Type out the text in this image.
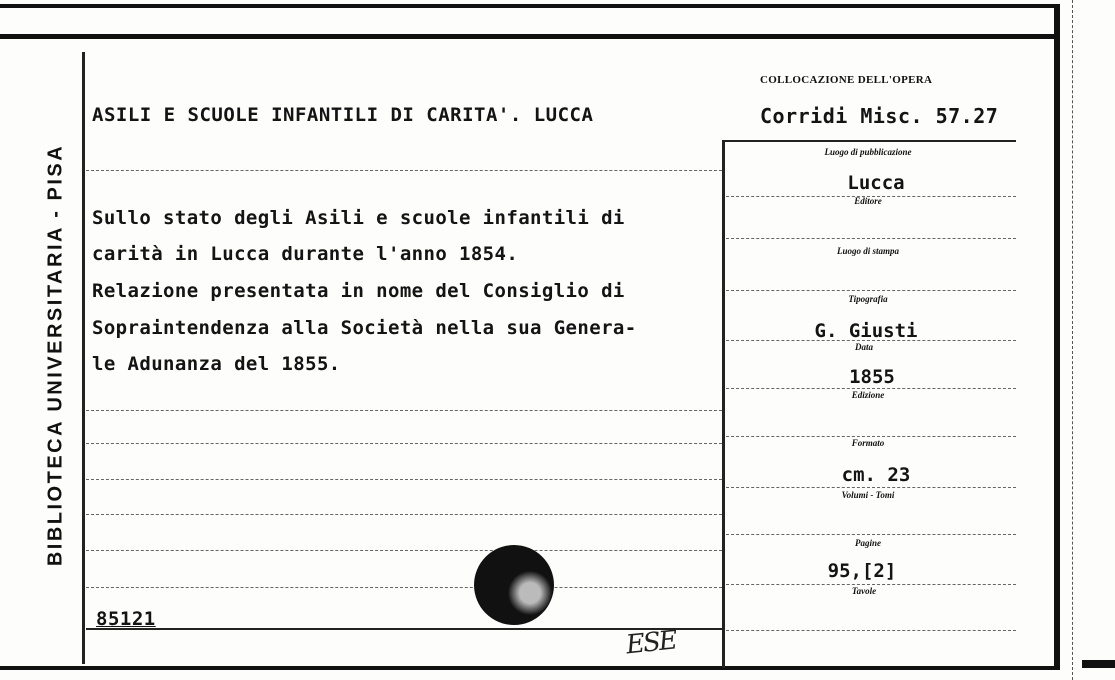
BIBLIOTECA UNIVERSITARIA - PISA
COLLOCAZIONE DELL'OPERA
Corridi Misc. 57.27
ASILI E SCUOLE INFANTILI DI CARITA'. LUCCA
Sullo stato degli Asili e scuole infantili di
carità in Lucca durante l'anno 1854.
Relazione presentata in nome del Consiglio di
Sopraintendenza alla Società nella sua Genera-
le Adunanza del 1855.
Luogo di pubblicazione
Lucca
Editore
Luogo di stampa
Tipografia
G. Giusti
Data
1855
Edizione
Formato
cm. 23
Volumi - Tomi
Pagine
95,[2]
Tavole
85121
ESE
